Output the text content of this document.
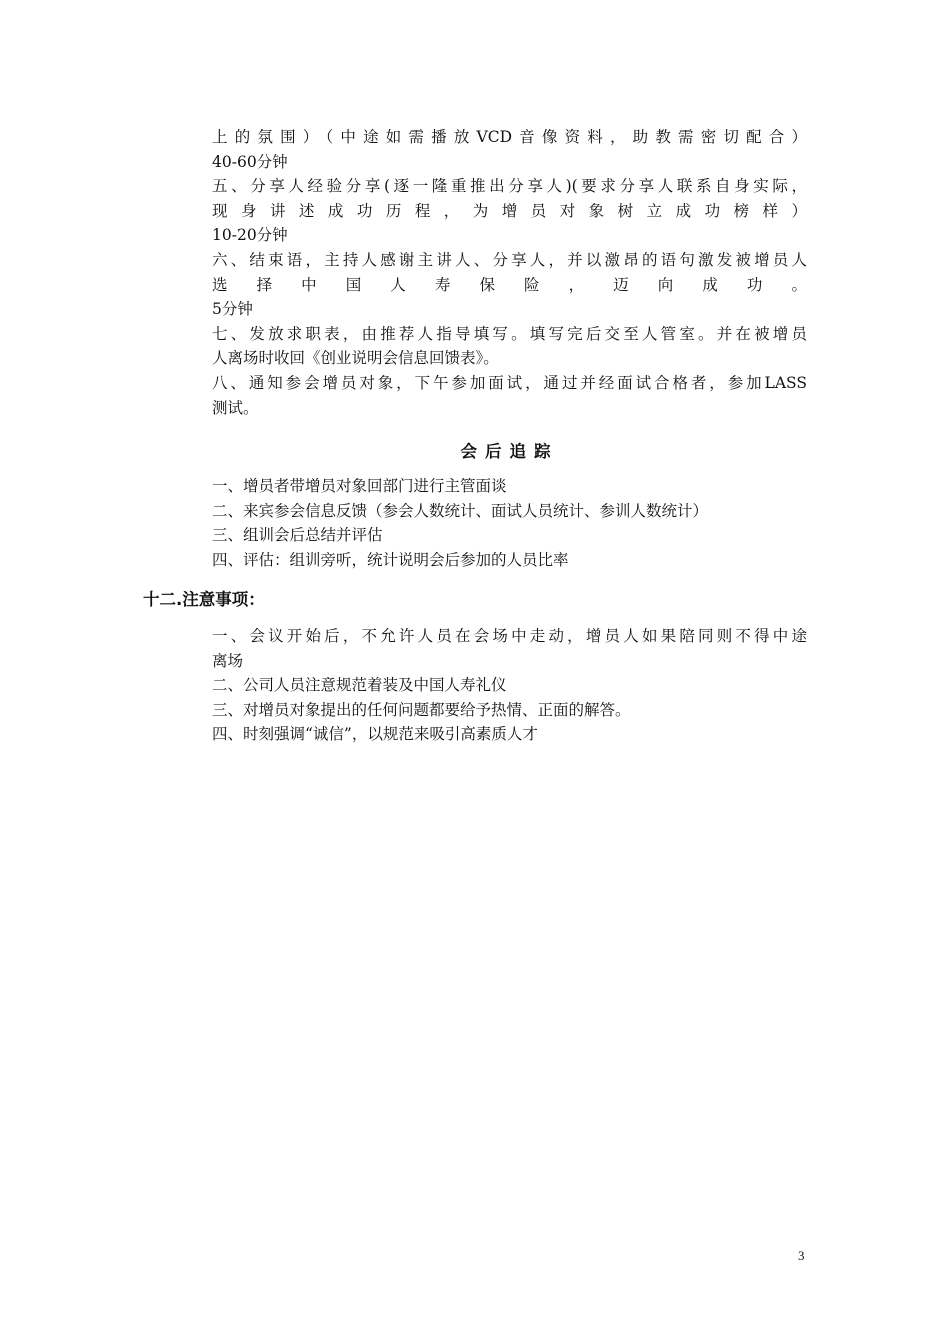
上的氛围）（中途如需播放VCD音像资料，助教需密切配合）

40-60分钟

五、分享人经验分享(逐一隆重推出分享人)(要求分享人联系自身实际，

现身讲述成功历程，为增员对象树立成功榜样）

10-20分钟

六、结束语，主持人感谢主讲人、分享人，并以激昂的语句激发被增员人

选择中国人寿保险，迈向成功。

5分钟

七、发放求职表，由推荐人指导填写。填写完后交至人管室。并在被增员

人离场时收回《创业说明会信息回馈表》。

八、通知参会增员对象，下午参加面试，通过并经面试合格者，参加LASS

测试。

会后追踪

一、增员者带增员对象回部门进行主管面谈

二、来宾参会信息反馈（参会人数统计、面试人员统计、参训人数统计）

三、组训会后总结并评估

四、评估：组训旁听，统计说明会后参加的人员比率

十二.注意事项：

一、会议开始后，不允许人员在会场中走动，增员人如果陪同则不得中途

离场

二、公司人员注意规范着装及中国人寿礼仪

三、对增员对象提出的任何问题都要给予热情、正面的解答。

四、时刻强调“诚信”，以规范来吸引高素质人才

3
